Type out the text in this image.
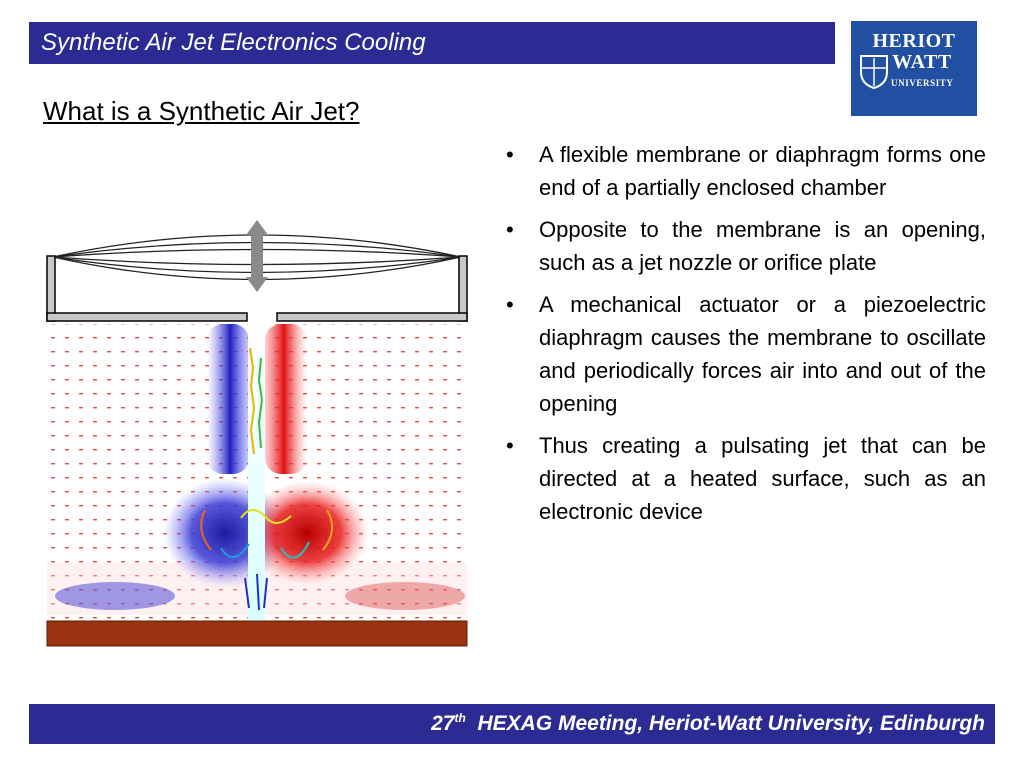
Synthetic Air Jet Electronics Cooling	HERIOT
WATT
UNIVERSITY
What is a Synthetic Air Jet?
• A flexible membrane or diaphragm forms one end of a partially enclosed chamber
• Opposite to the membrane is an opening, such as a jet nozzle or orifice plate
• A mechanical actuator or a piezoelectric diaphragm causes the membrane to oscillate and periodically forces air into and out of the opening
• Thus creating a pulsating jet that can be directed at a heated surface, such as an electronic device
27th HEXAG Meeting, Heriot-Watt University, Edinburgh
